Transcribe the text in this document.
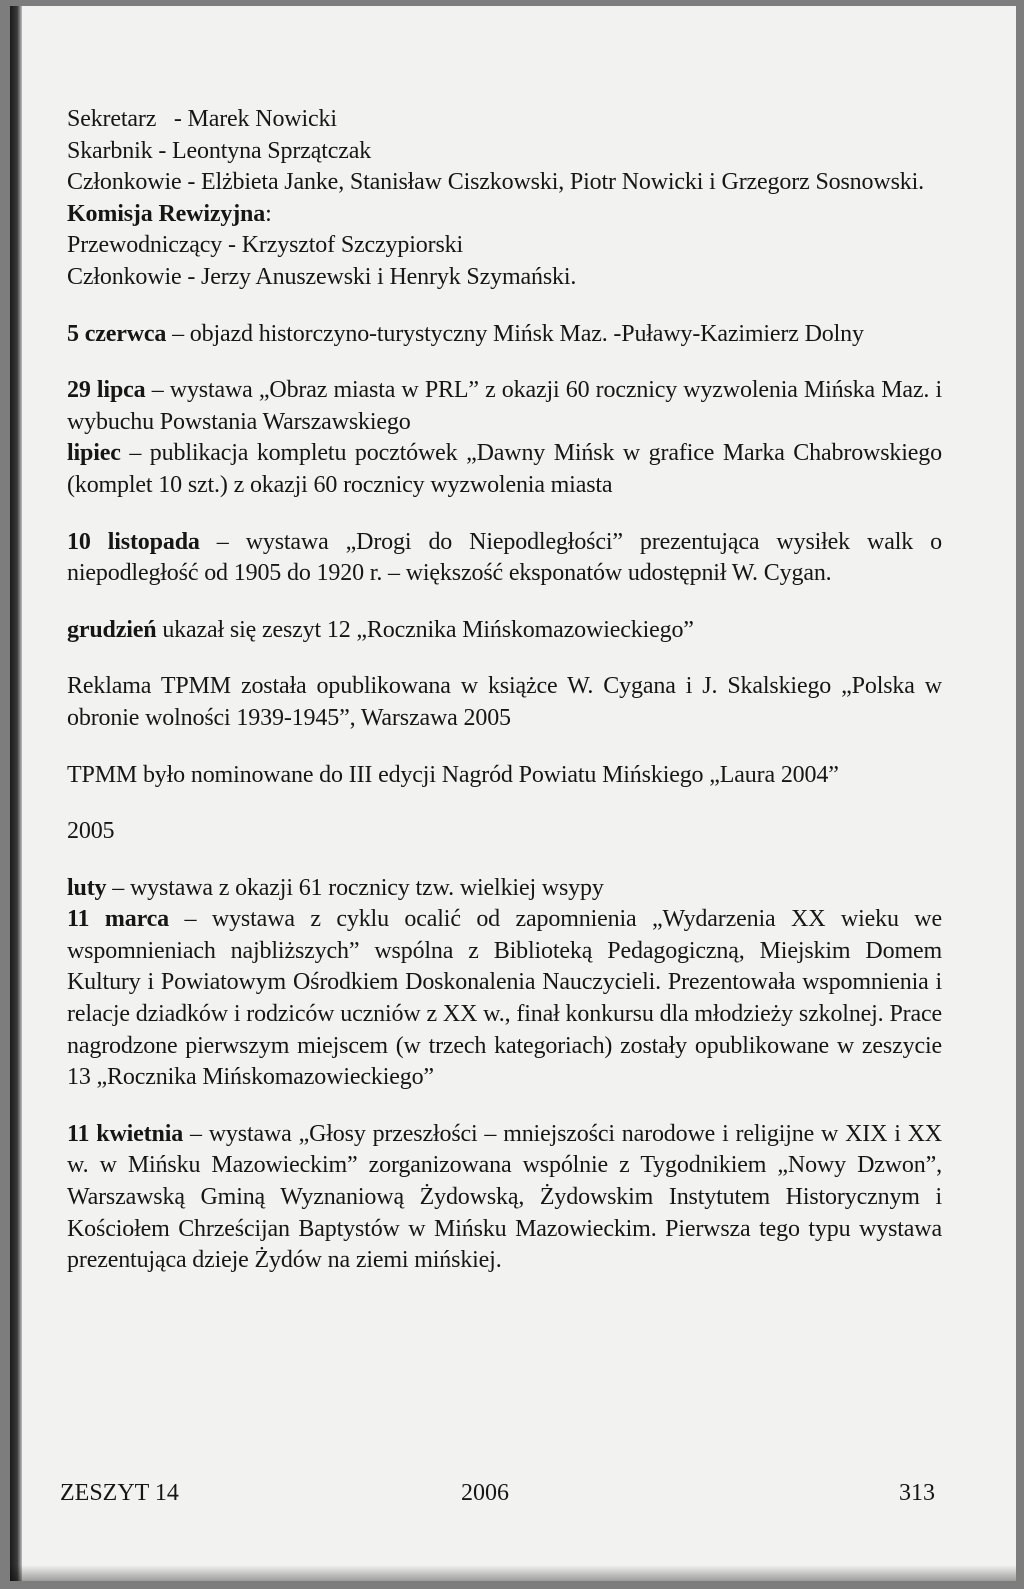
Sekretarz - Marek Nowicki

Skarbnik - Leontyna Sprzątczak

Członkowie - Elżbieta Janke, Stanisław Ciszkowski, Piotr Nowicki i Grzegorz Sosnowski.

Komisja Rewizyjna:

Przewodniczący - Krzysztof Szczypiorski

Członkowie - Jerzy Anuszewski i Henryk Szymański.

5 czerwca – objazd historczyno-turystyczny Mińsk Maz. -Puławy-Kazimierz Dolny

29 lipca – wystawa „Obraz miasta w PRL” z okazji 60 rocznicy wyzwolenia Mińska Maz. i wybuchu Powstania Warszawskiego

lipiec – publikacja kompletu pocztówek „Dawny Mińsk w grafice Marka Chabrowskiego (komplet 10 szt.) z okazji 60 rocznicy wyzwolenia miasta

10 listopada – wystawa „Drogi do Niepodległości” prezentująca wysiłek walk o niepodległość od 1905 do 1920 r. – większość eksponatów udostępnił W. Cygan.

grudzień ukazał się zeszyt 12 „Rocznika Mińskomazowieckiego”

Reklama TPMM została opublikowana w książce W. Cygana i J. Skalskiego „Polska w obronie wolności 1939-1945”, Warszawa 2005

TPMM było nominowane do III edycji Nagród Powiatu Mińskiego „Laura 2004”

2005

luty – wystawa z okazji 61 rocznicy tzw. wielkiej wsypy

11 marca – wystawa z cyklu ocalić od zapomnienia „Wydarzenia XX wieku we wspomnieniach najbliższych” wspólna z Biblioteką Pedagogiczną, Miejskim Domem Kultury i Powiatowym Ośrodkiem Doskonalenia Nauczycieli. Prezentowała wspomnienia i relacje dziadków i rodziców uczniów z XX w., finał konkursu dla młodzieży szkolnej. Prace nagrodzone pierwszym miejscem (w trzech kategoriach) zostały opublikowane w zeszycie 13 „Rocznika Mińskomazowieckiego”

11 kwietnia – wystawa „Głosy przeszłości – mniejszości narodowe i religijne w XIX i XX w. w Mińsku Mazowieckim” zorganizowana wspólnie z Tygodnikiem „Nowy Dzwon”, Warszawską Gminą Wyznaniową Żydowską, Żydowskim Instytutem Historycznym i Kościołem Chrześcijan Baptystów w Mińsku Mazowieckim. Pierwsza tego typu wystawa prezentująca dzieje Żydów na ziemi mińskiej.

ZESZYT 14	2006	313
